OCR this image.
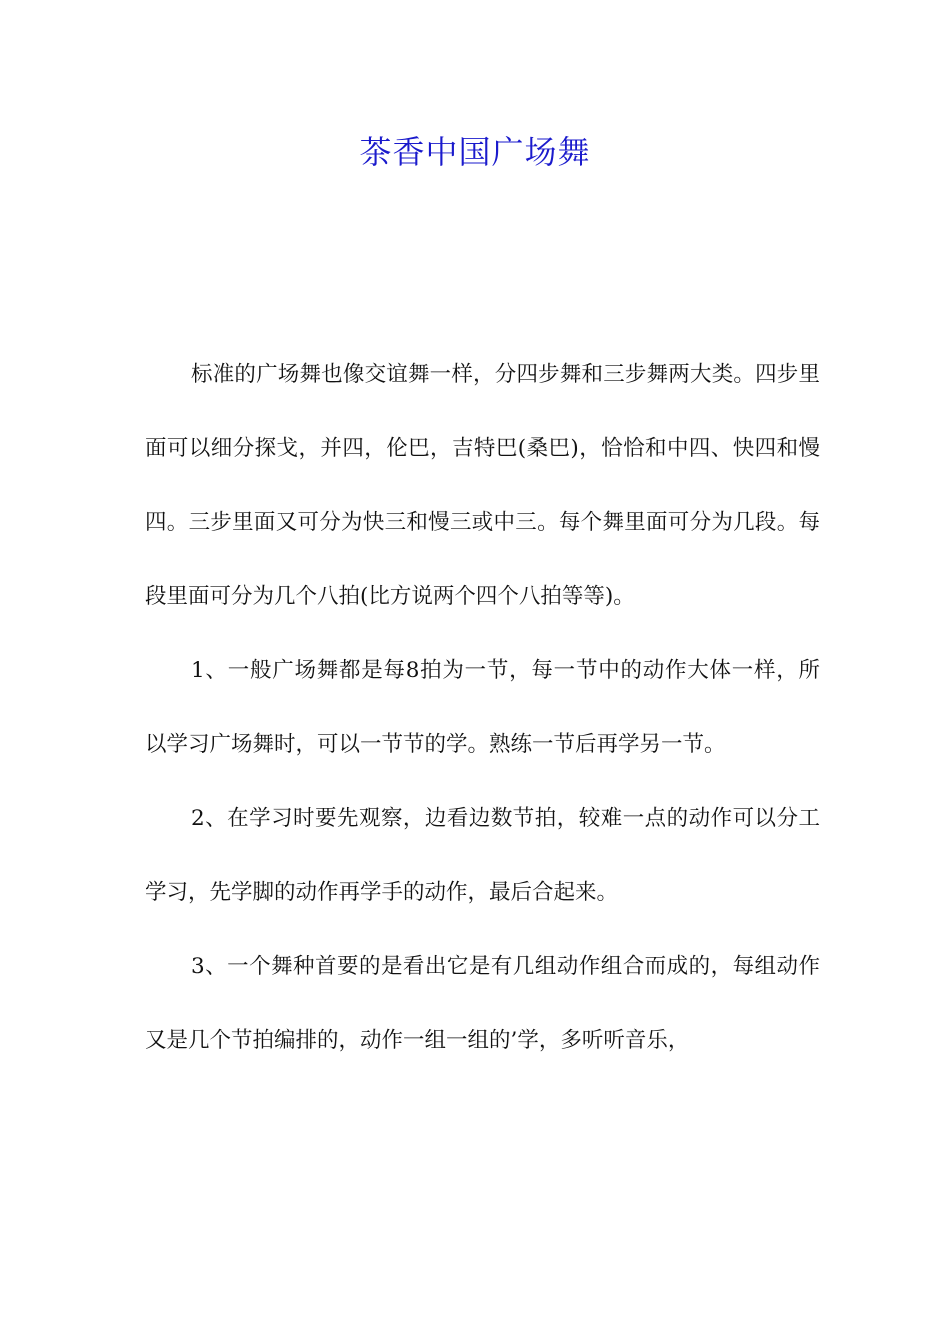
茶香中国广场舞

标准的广场舞也像交谊舞一样，分四步舞和三步舞两大类。四步里面可以细分探戈，并四，伦巴，吉特巴(桑巴)，恰恰和中四、快四和慢四。三步里面又可分为快三和慢三或中三。每个舞里面可分为几段。每段里面可分为几个八拍(比方说两个四个八拍等等)。

1、一般广场舞都是每8拍为一节，每一节中的动作大体一样，所以学习广场舞时，可以一节节的学。熟练一节后再学另一节。

2、在学习时要先观察，边看边数节拍，较难一点的动作可以分工学习，先学脚的动作再学手的动作，最后合起来。

3、一个舞种首要的是看出它是有几组动作组合而成的，每组动作又是几个节拍编排的，动作一组一组的’学，多听听音乐，
